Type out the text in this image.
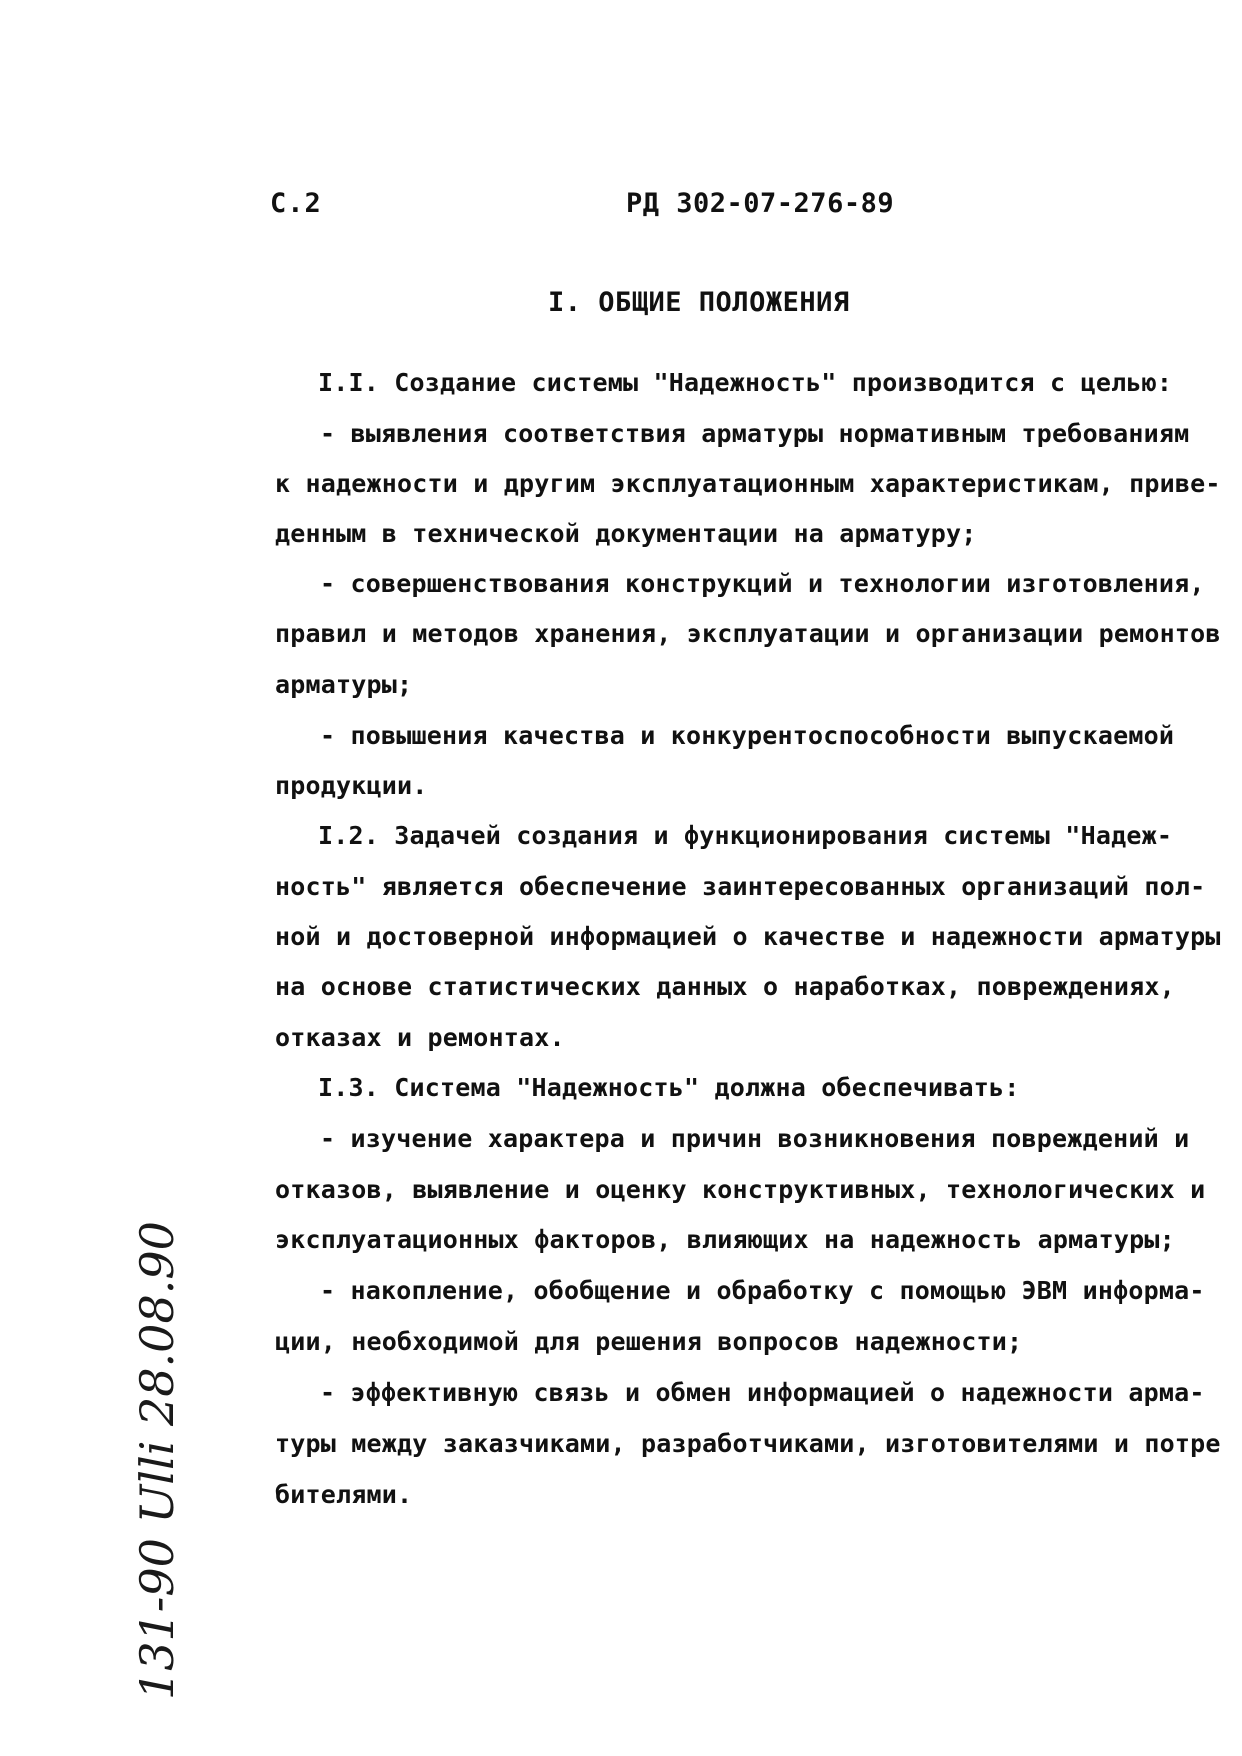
С.2	РД 302-07-276-89
I. ОБЩИЕ ПОЛОЖЕНИЯ
I.I. Создание системы "Надежность" производится с целью:
- выявления соответствия арматуры нормативным требованиям
к надежности и другим эксплуатационным характеристикам, приве-
денным в технической документации на арматуру;
- совершенствования конструкций и технологии изготовления,
правил и методов хранения, эксплуатации и организации ремонтов
арматуры;
- повышения качества и конкурентоспособности выпускаемой
продукции.
I.2. Задачей создания и функционирования системы "Надеж-
ность" является обеспечение заинтересованных организаций пол-
ной и достоверной информацией о качестве и надежности арматуры
на основе статистических данных о наработках, повреждениях,
отказах и ремонтах.
I.3. Система "Надежность" должна обеспечивать:
- изучение характера и причин возникновения повреждений и
отказов, выявление и оценку конструктивных, технологических и
эксплуатационных факторов, влияющих на надежность арматуры;
- накопление, обобщение и обработку с помощью ЭВМ информа-
ции, необходимой для решения вопросов надежности;
- эффективную связь и обмен информацией о надежности арма-
туры между заказчиками, разработчиками, изготовителями и потре
бителями.
131-90 Ulli 28.08.90
